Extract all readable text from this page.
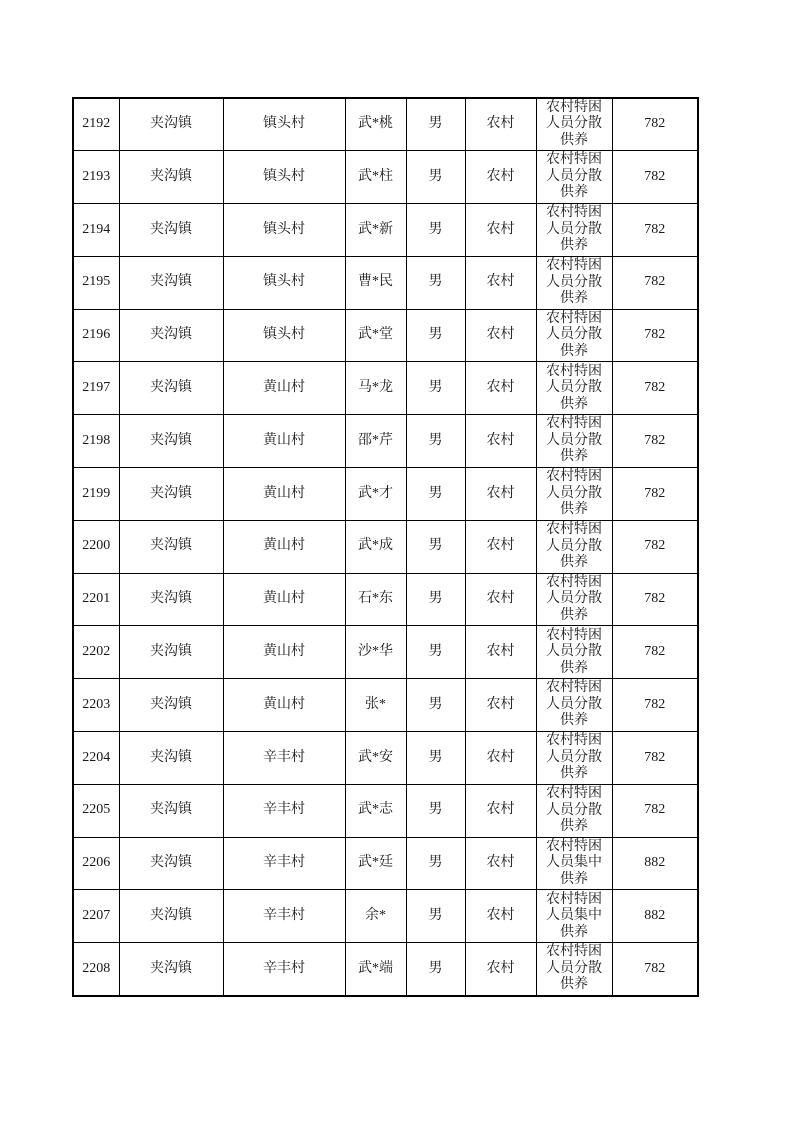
2192	夹沟镇	镇头村	武*桃	男	农村	农村特困人员分散供养	782
2193	夹沟镇	镇头村	武*柱	男	农村	农村特困人员分散供养	782
2194	夹沟镇	镇头村	武*新	男	农村	农村特困人员分散供养	782
2195	夹沟镇	镇头村	曹*民	男	农村	农村特困人员分散供养	782
2196	夹沟镇	镇头村	武*堂	男	农村	农村特困人员分散供养	782
2197	夹沟镇	黄山村	马*龙	男	农村	农村特困人员分散供养	782
2198	夹沟镇	黄山村	邵*芹	男	农村	农村特困人员分散供养	782
2199	夹沟镇	黄山村	武*才	男	农村	农村特困人员分散供养	782
2200	夹沟镇	黄山村	武*成	男	农村	农村特困人员分散供养	782
2201	夹沟镇	黄山村	石*东	男	农村	农村特困人员分散供养	782
2202	夹沟镇	黄山村	沙*华	男	农村	农村特困人员分散供养	782
2203	夹沟镇	黄山村	张*	男	农村	农村特困人员分散供养	782
2204	夹沟镇	辛丰村	武*安	男	农村	农村特困人员分散供养	782
2205	夹沟镇	辛丰村	武*志	男	农村	农村特困人员分散供养	782
2206	夹沟镇	辛丰村	武*廷	男	农村	农村特困人员集中供养	882
2207	夹沟镇	辛丰村	余*	男	农村	农村特困人员集中供养	882
2208	夹沟镇	辛丰村	武*端	男	农村	农村特困人员分散供养	782
